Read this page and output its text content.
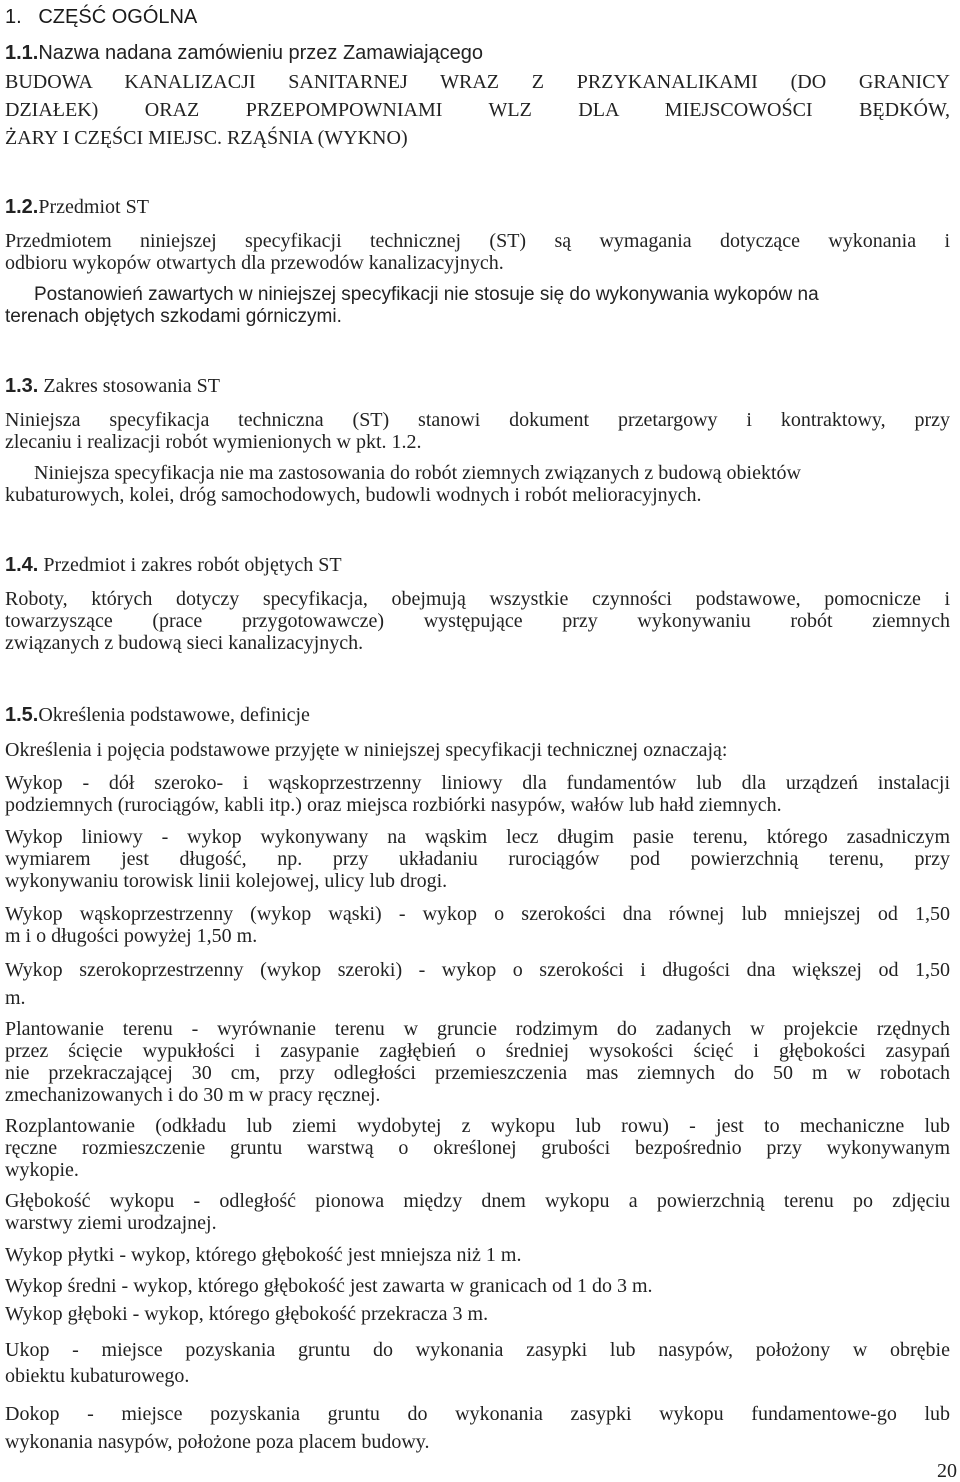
1. CZĘŚĆ OGÓLNA
1.1.Nazwa nadana zamówieniu przez Zamawiającego
BUDOWA KANALIZACJI SANITARNEJ WRAZ Z PRZYKANALIKAMI (DO GRANICY
DZIAŁEK) ORAZ PRZEPOMPOWNIAMI WLZ DLA MIEJSCOWOŚCI BĘDKÓW,
ŻARY I CZĘŚCI MIEJSC. RZĄŚNIA (WYKNO)
1.2.Przedmiot ST
Przedmiotem niniejszej specyfikacji technicznej (ST) są wymagania dotyczące wykonania i
odbioru wykopów otwartych dla przewodów kanalizacyjnych.
Postanowień zawartych w niniejszej specyfikacji nie stosuje się do wykonywania wykopów na
terenach objętych szkodami górniczymi.
1.3. Zakres stosowania ST
Niniejsza specyfikacja techniczna (ST) stanowi dokument przetargowy i kontraktowy, przy
zlecaniu i realizacji robót wymienionych w pkt. 1.2.
Niniejsza specyfikacja nie ma zastosowania do robót ziemnych związanych z budową obiektów
kubaturowych, kolei, dróg samochodowych, budowli wodnych i robót melioracyjnych.
1.4. Przedmiot i zakres robót objętych ST
Roboty, których dotyczy specyfikacja, obejmują wszystkie czynności podstawowe, pomocnicze i
towarzyszące (prace przygotowawcze) występujące przy wykonywaniu robót ziemnych
związanych z budową sieci kanalizacyjnych.
1.5.Określenia podstawowe, definicje
Określenia i pojęcia podstawowe przyjęte w niniejszej specyfikacji technicznej oznaczają:
Wykop - dół szeroko- i wąskoprzestrzenny liniowy dla fundamentów lub dla urządzeń instalacji
podziemnych (rurociągów, kabli itp.) oraz miejsca rozbiórki nasypów, wałów lub hałd ziemnych.
Wykop liniowy - wykop wykonywany na wąskim lecz długim pasie terenu, którego zasadniczym
wymiarem jest długość, np. przy układaniu rurociągów pod powierzchnią terenu, przy
wykonywaniu torowisk linii kolejowej, ulicy lub drogi.
Wykop wąskoprzestrzenny (wykop wąski) - wykop o szerokości dna równej lub mniejszej od 1,50
m i o długości powyżej 1,50 m.
Wykop szerokoprzestrzenny (wykop szeroki) - wykop o szerokości i długości dna większej od 1,50
m.
Plantowanie terenu - wyrównanie terenu w gruncie rodzimym do zadanych w projekcie rzędnych
przez ścięcie wypukłości i zasypanie zagłębień o średniej wysokości ścięć i głębokości zasypań
nie przekraczającej 30 cm, przy odległości przemieszczenia mas ziemnych do 50 m w robotach
zmechanizowanych i do 30 m w pracy ręcznej.
Rozplantowanie (odkładu lub ziemi wydobytej z wykopu lub rowu) - jest to mechaniczne lub
ręczne rozmieszczenie gruntu warstwą o określonej grubości bezpośrednio przy wykonywanym
wykopie.
Głębokość wykopu - odległość pionowa między dnem wykopu a powierzchnią terenu po zdjęciu
warstwy ziemi urodzajnej.
Wykop płytki - wykop, którego głębokość jest mniejsza niż 1 m.
Wykop średni - wykop, którego głębokość jest zawarta w granicach od 1 do 3 m.
Wykop głęboki - wykop, którego głębokość przekracza 3 m.
Ukop - miejsce pozyskania gruntu do wykonania zasypki lub nasypów, położony w obrębie
obiektu kubaturowego.
Dokop - miejsce pozyskania gruntu do wykonania zasypki wykopu fundamentowe-go lub
wykonania nasypów, położone poza placem budowy.
20
